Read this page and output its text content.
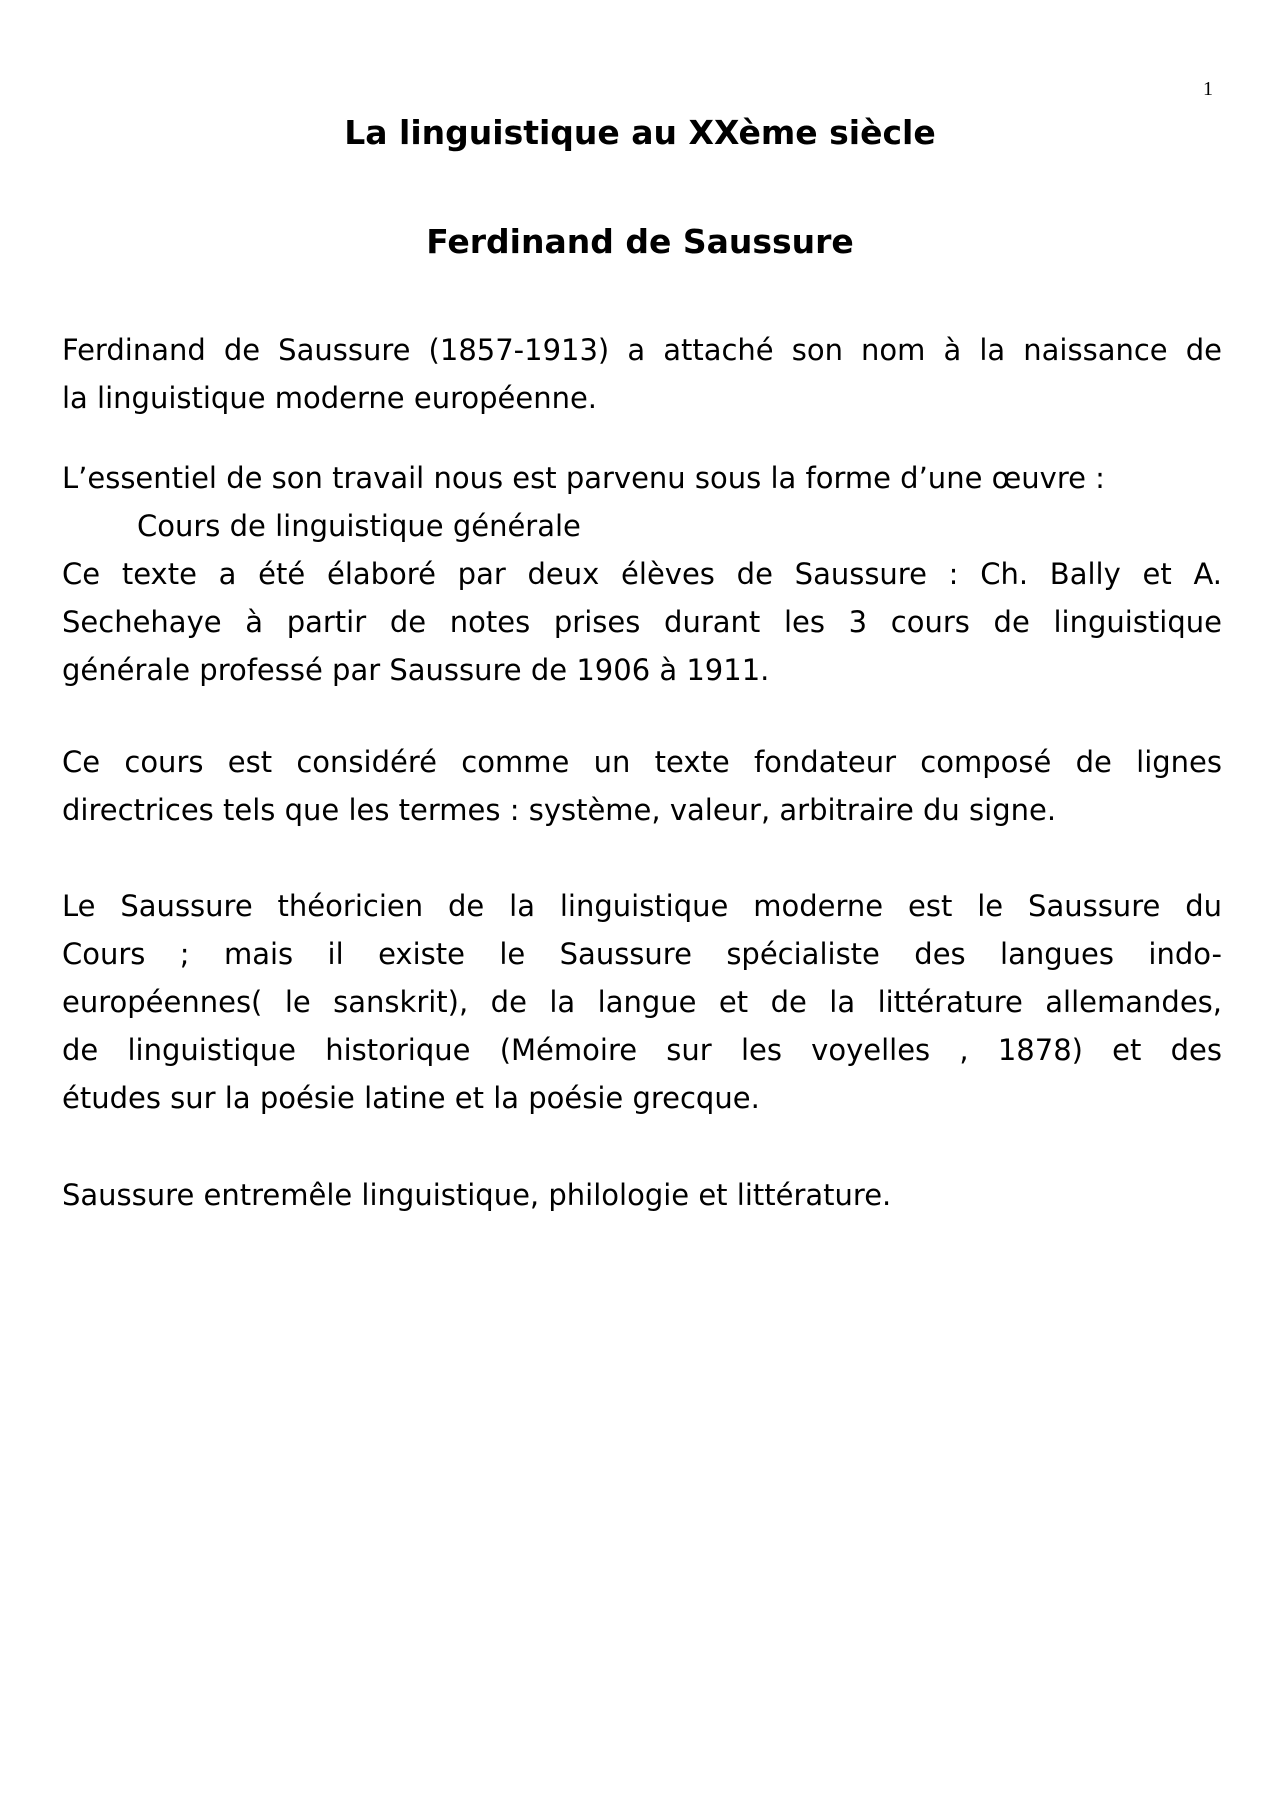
1
La linguistique au XXème siècle
Ferdinand de Saussure
Ferdinand de Saussure (1857-1913) a attaché son nom à la naissance de
la linguistique moderne européenne.
L’essentiel de son travail nous est parvenu sous la forme d’une œuvre :
Cours de linguistique générale
Ce texte a été élaboré par deux élèves de Saussure : Ch. Bally et A.
Sechehaye à partir de notes prises durant les 3 cours de linguistique
générale professé par Saussure de 1906 à 1911.
Ce cours est considéré comme un texte fondateur composé de lignes
directrices tels que les termes : système, valeur, arbitraire du signe.
Le Saussure théoricien de la linguistique moderne est le Saussure du
Cours ; mais il existe le Saussure spécialiste des langues indo-
européennes( le sanskrit), de la langue et de la littérature allemandes,
de linguistique historique (Mémoire sur les voyelles , 1878) et des
études sur la poésie latine et la poésie grecque.
Saussure entremêle linguistique, philologie et littérature.
